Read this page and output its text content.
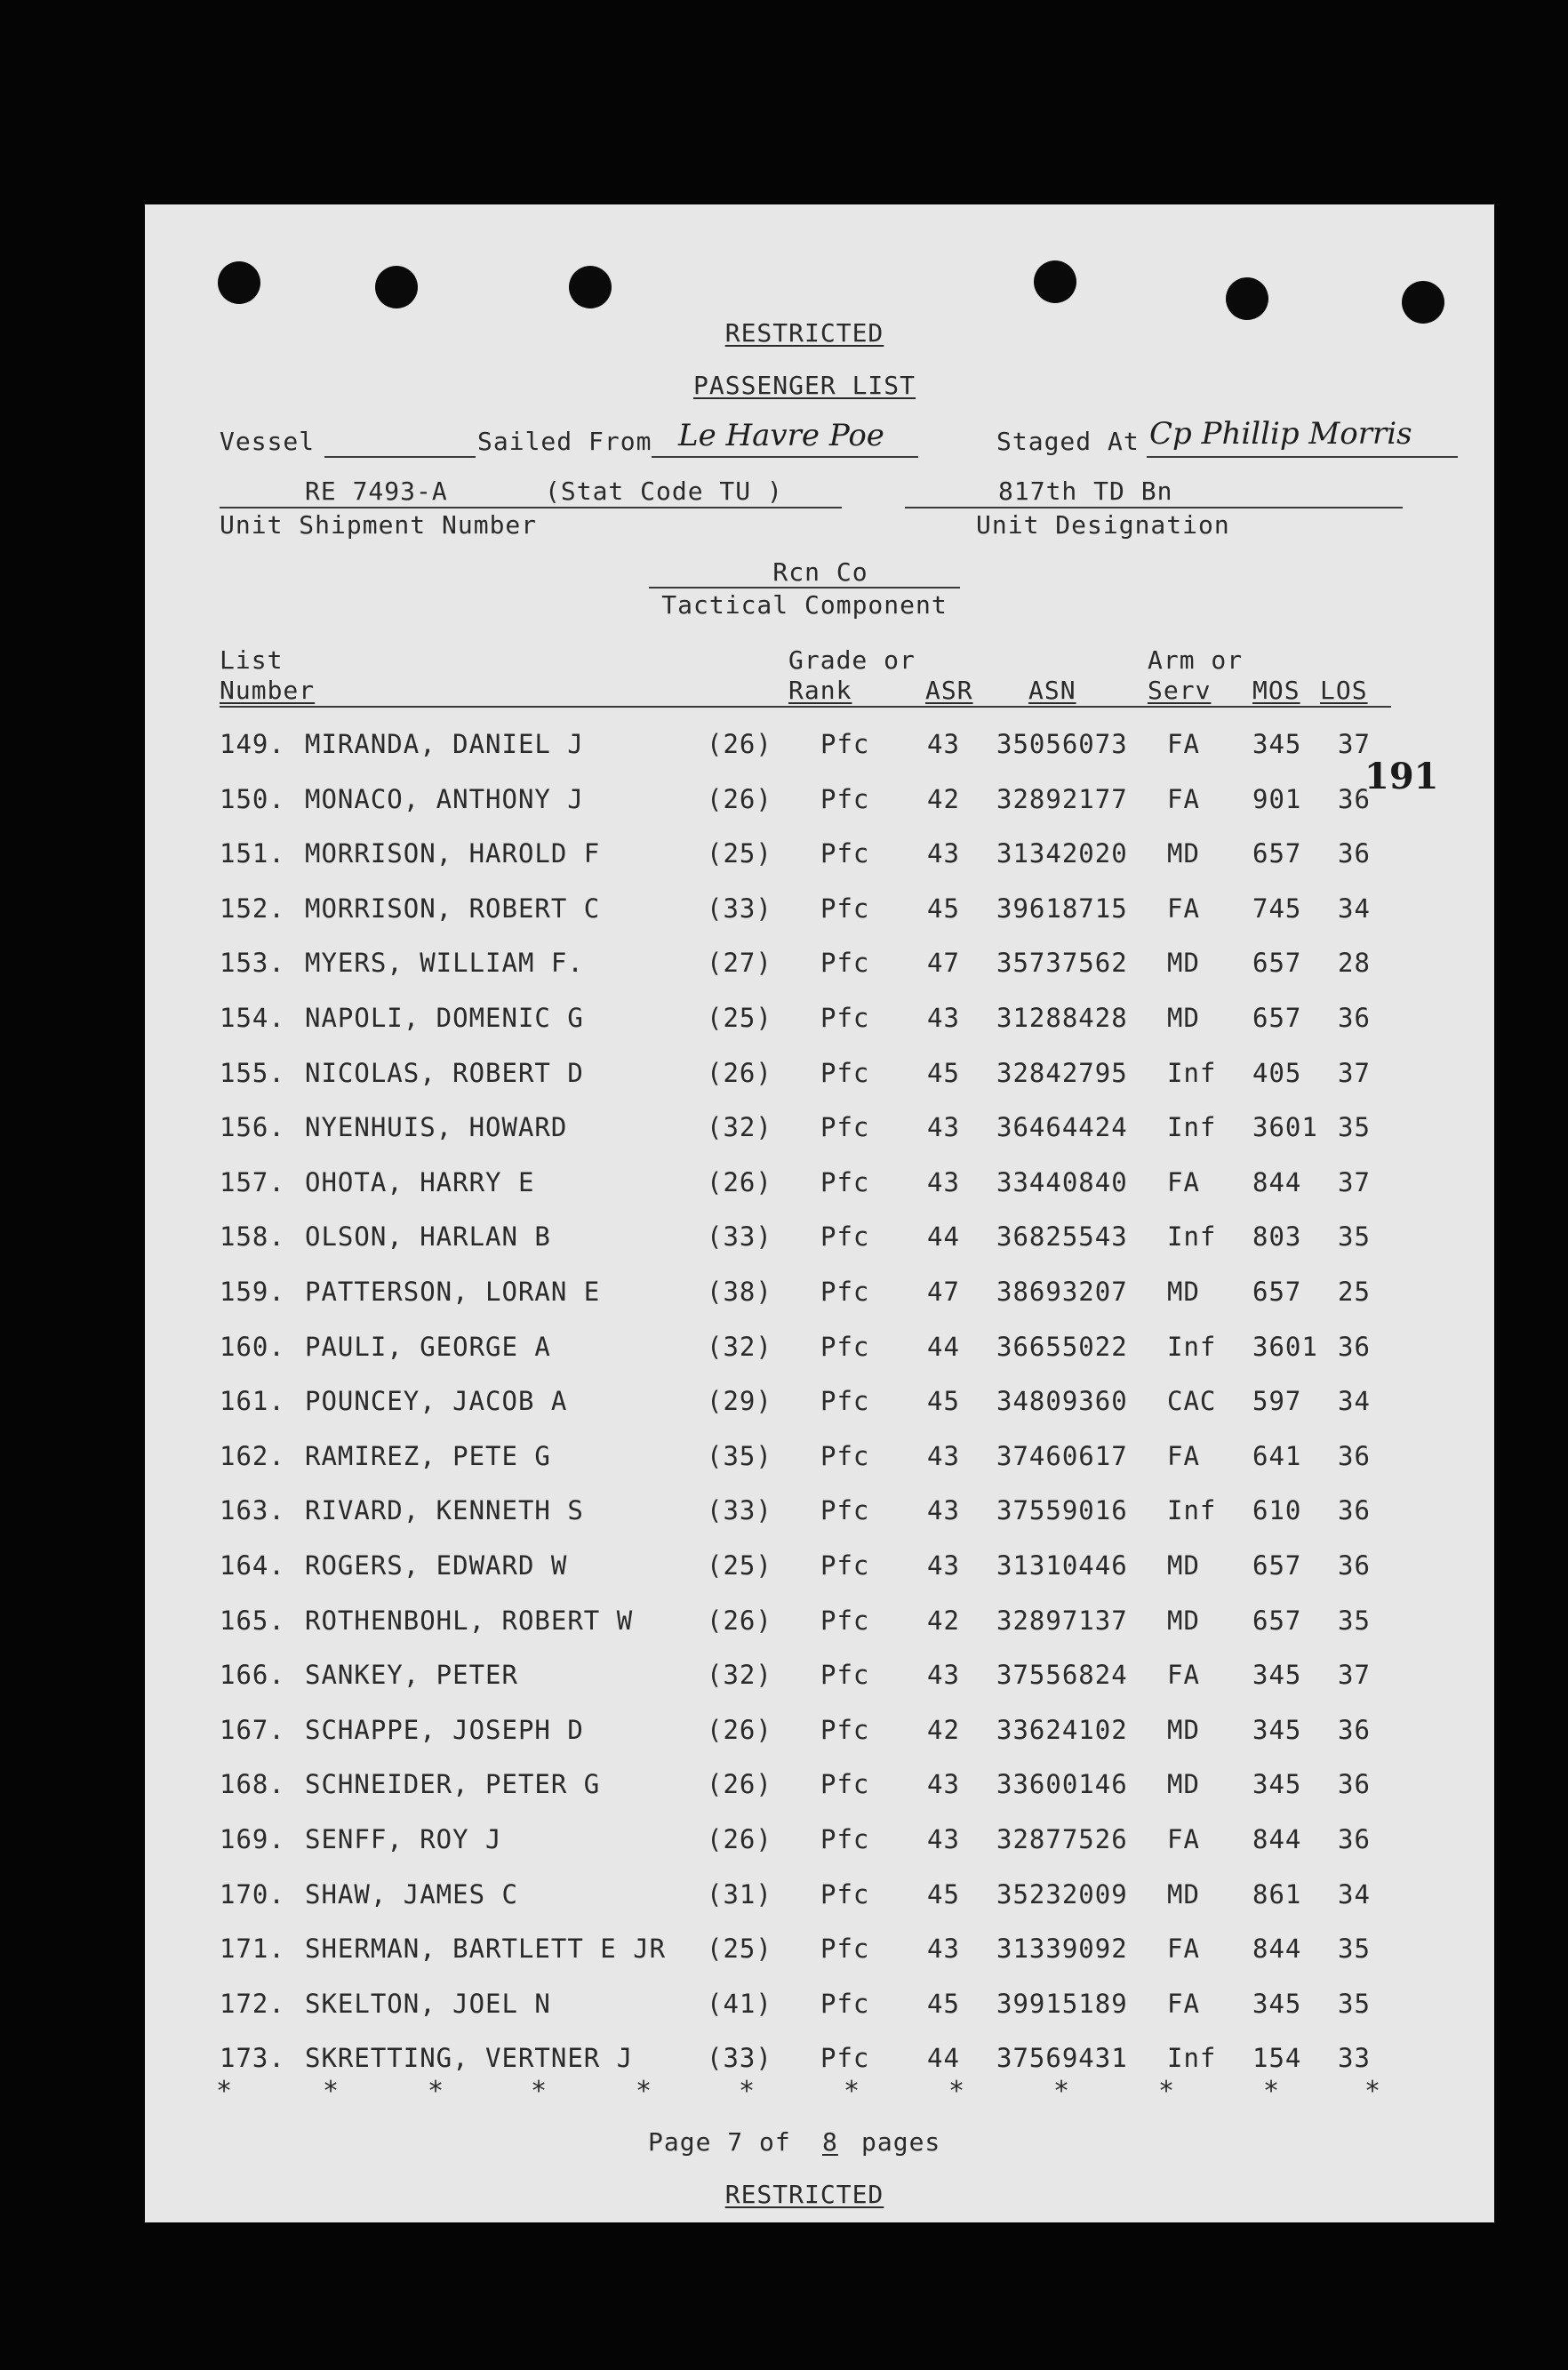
RESTRICTED
PASSENGER LIST
Vessel	Sailed From Le Havre Poe	Staged At Cp Phillip Morris
RE 7493-A	(Stat Code TU )
Unit Shipment Number
817th TD Bn
Unit Designation
Rcn Co
Tactical Component
List
Number
Grade or
Rank	ASR ASN
Arm or
Serv MOS LOS
191
149. MIRANDA, DANIEL J	(26) Pfc 43 35056073 FA 345 37
150. MONACO, ANTHONY J	(26) Pfc 42 32892177 FA 901 36
151. MORRISON, HAROLD F	(25) Pfc 43 31342020 MD 657 36
152. MORRISON, ROBERT C	(33) Pfc 45 39618715 FA 745 34
153. MYERS, WILLIAM F.	(27) Pfc 47 35737562 MD 657 28
154. NAPOLI, DOMENIC G	(25) Pfc 43 31288428 MD 657 36
155. NICOLAS, ROBERT D	(26) Pfc 45 32842795 Inf 405 37
156. NYENHUIS, HOWARD	(32) Pfc 43 36464424 Inf 3601 35
157. OHOTA, HARRY E	(26) Pfc 43 33440840 FA 844 37
158. OLSON, HARLAN B	(33) Pfc 44 36825543 Inf 803 35
159. PATTERSON, LORAN E	(38) Pfc 47 38693207 MD 657 25
160. PAULI, GEORGE A	(32) Pfc 44 36655022 Inf 3601 36
161. POUNCEY, JACOB A	(29) Pfc 45 34809360 CAC 597 34
162. RAMIREZ, PETE G	(35) Pfc 43 37460617 FA 641 36
163. RIVARD, KENNETH S	(33) Pfc 43 37559016 Inf 610 36
164. ROGERS, EDWARD W	(25) Pfc 43 31310446 MD 657 36
165. ROTHENBOHL, ROBERT W	(26) Pfc 42 32897137 MD 657 35
166. SANKEY, PETER	(32) Pfc 43 37556824 FA 345 37
167. SCHAPPE, JOSEPH D	(26) Pfc 42 33624102 MD 345 36
168. SCHNEIDER, PETER G	(26) Pfc 43 33600146 MD 345 36
169. SENFF, ROY J	(26) Pfc 43 32877526 FA 844 36
170. SHAW, JAMES C	(31) Pfc 45 35232009 MD 861 34
171. SHERMAN, BARTLETT E JR (25) Pfc 43 31339092 FA 844 35
172. SKELTON, JOEL N	(41) Pfc 45 39915189 FA 345 35
173. SKRETTING, VERTNER J	(33) Pfc 44 37569431 Inf 154 33
*	*	*	*	*	*	*	*	*	*	*	*
Page 7 of 8 pages
RESTRICTED
